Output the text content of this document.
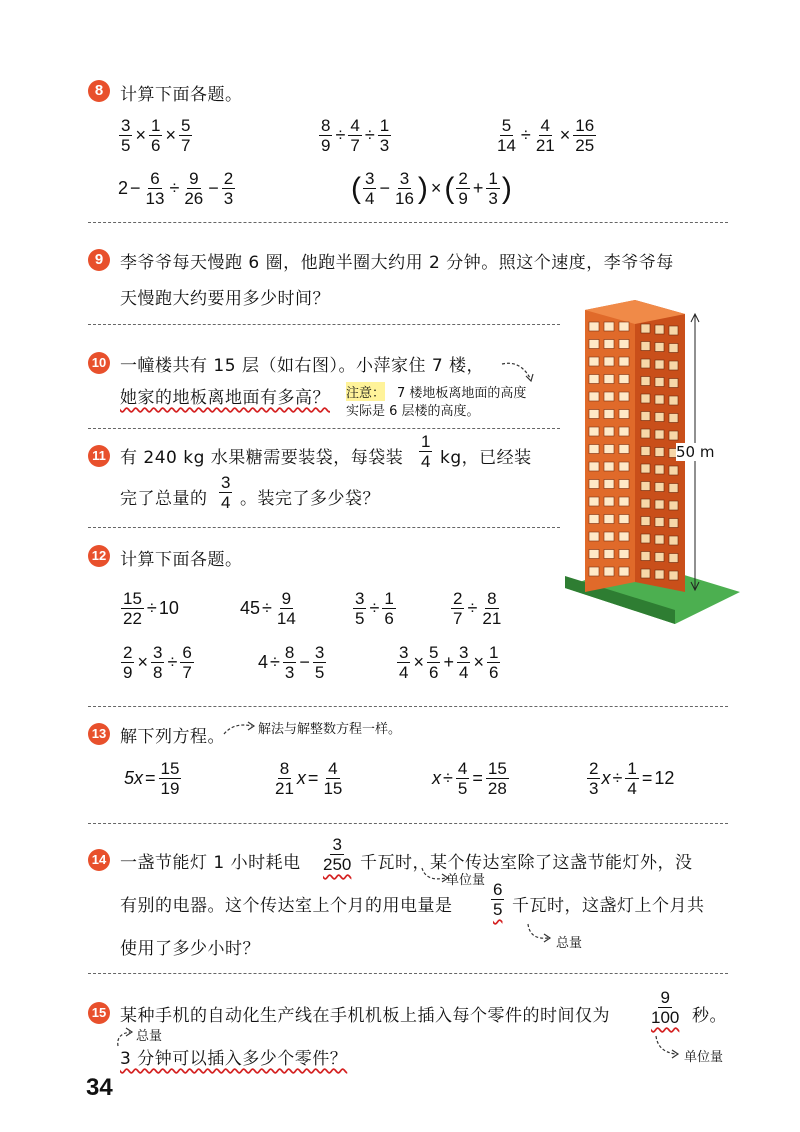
8 计算下面各题。
$\frac{3}{5} \times \frac{1}{6} \times \frac{5}{7}$	$\frac{8}{9} \div \frac{4}{7} \div \frac{1}{3}$	$\frac{5}{14} \div \frac{4}{21} \times \frac{16}{25}$
$2 - \frac{6}{13} \div \frac{9}{26} - \frac{2}{3}$	( $\frac{3}{4} - \frac{3}{16}$ ) × ( $\frac{2}{9} + \frac{1}{3}$ )
9 李爷爷每天慢跑 6 圈，他跑半圈大约用 2 分钟。照这个速度，李爷爷每
天慢跑大约要用多少时间？
10 一幢楼共有 15 层（如右图）。小萍家住 7 楼，
她家的地板离地面有多高？ 注意： 7 楼地板离地面的高度
实际是 6 层楼的高度。
11 有 240 kg 水果糖需要装袋，每袋装 $\frac{1}{4}$ kg，已经装
完了总量的 $\frac{3}{4}$ 。装完了多少袋？
12 计算下面各题。
$\frac{15}{22} \div 10$	$45 \div \frac{9}{14}$	$\frac{3}{5} \div \frac{1}{6}$	$\frac{2}{7} \div \frac{8}{21}$
$\frac{2}{9} \times \frac{3}{8} \div \frac{6}{7}$	$4 \div \frac{8}{3} - \frac{3}{5}$	$\frac{3}{4} \times \frac{5}{6} + \frac{3}{4} \times \frac{1}{6}$
50 m
13 解下列方程。	解法与解整数方程一样。
$5x = \frac{15}{19}$	$\frac{8}{21}$ $x = \frac{4}{15}$	$x \div \frac{4}{5} = \frac{15}{28}$	$\frac{2}{3}$ $x \div \frac{1}{4} = 12$
14 一盏节能灯 1 小时耗电 $\frac{3}{250}$ 千瓦时，某个传达室除了这盏节能灯外，没
单位量
有别的电器。这个传达室上个月的用电量是 $\frac{6}{5}$ 千瓦时，这盏灯上个月共
使用了多少小时？	总量
15 某种手机的自动化生产线在手机机板上插入每个零件的时间仅为 $\frac{9}{100}$ 秒。
总量
3 分钟可以插入多少个零件？	单位量
34
